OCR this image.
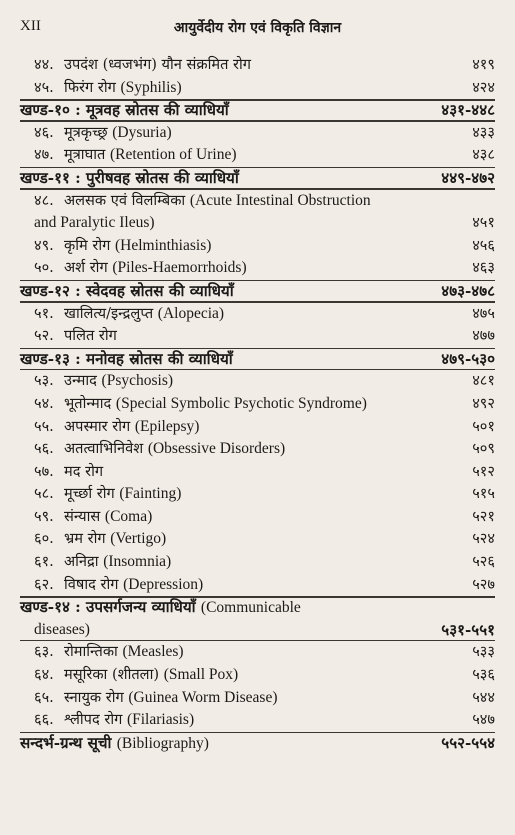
XII	आयुर्वेदीय रोग एवं विकृति विज्ञान
४४. उपदंश (ध्वजभंग) यौन संक्रमित रोग	४१९
४५. फिरंग रोग (Syphilis)	४२४
खण्ड-१० : मूत्रवह स्रोतस की व्याधियाँ	४३१-४४८
४६. मूत्रकृच्छ्र (Dysuria)	४३३
४७. मूत्राघात (Retention of Urine)	४३८
खण्ड-११ : पुरीषवह स्रोतस की व्याधियाँ	४४९-४७२
४८. अलसक एवं विलम्बिका (Acute Intestinal Obstruction
and Paralytic Ileus)	४५१
४९. कृमि रोग (Helminthiasis)	४५६
५०. अर्श रोग (Piles-Haemorrhoids)	४६३
खण्ड-१२ : स्वेदवह स्रोतस की व्याधियाँ	४७३-४७८
५१. खालित्य/इन्द्रलुप्त (Alopecia)	४७५
५२. पलित रोग	४७७
खण्ड-१३ : मनोवह स्रोतस की व्याधियाँ	४७९-५३०
५३. उन्माद (Psychosis)	४८१
५४. भूतोन्माद (Special Symbolic Psychotic Syndrome)	४९२
५५. अपस्मार रोग (Epilepsy)	५०१
५६. अतत्वाभिनिवेश (Obsessive Disorders)	५०९
५७. मद रोग	५१२
५८. मूर्च्छा रोग (Fainting)	५१५
५९. संन्यास (Coma)	५२१
६०. भ्रम रोग (Vertigo)	५२४
६१. अनिद्रा (Insomnia)	५२६
६२. विषाद रोग (Depression)	५२७
खण्ड-१४ : उपसर्गजन्य व्याधियाँ (Communicable
diseases)	५३१-५५१
६३. रोमान्तिका (Measles)	५३३
६४. मसूरिका (शीतला) (Small Pox)	५३६
६५. स्नायुक रोग (Guinea Worm Disease)	५४४
६६. श्लीपद रोग (Filariasis)	५४७
सन्दर्भ-ग्रन्थ सूची (Bibliography)	५५२-५५४
